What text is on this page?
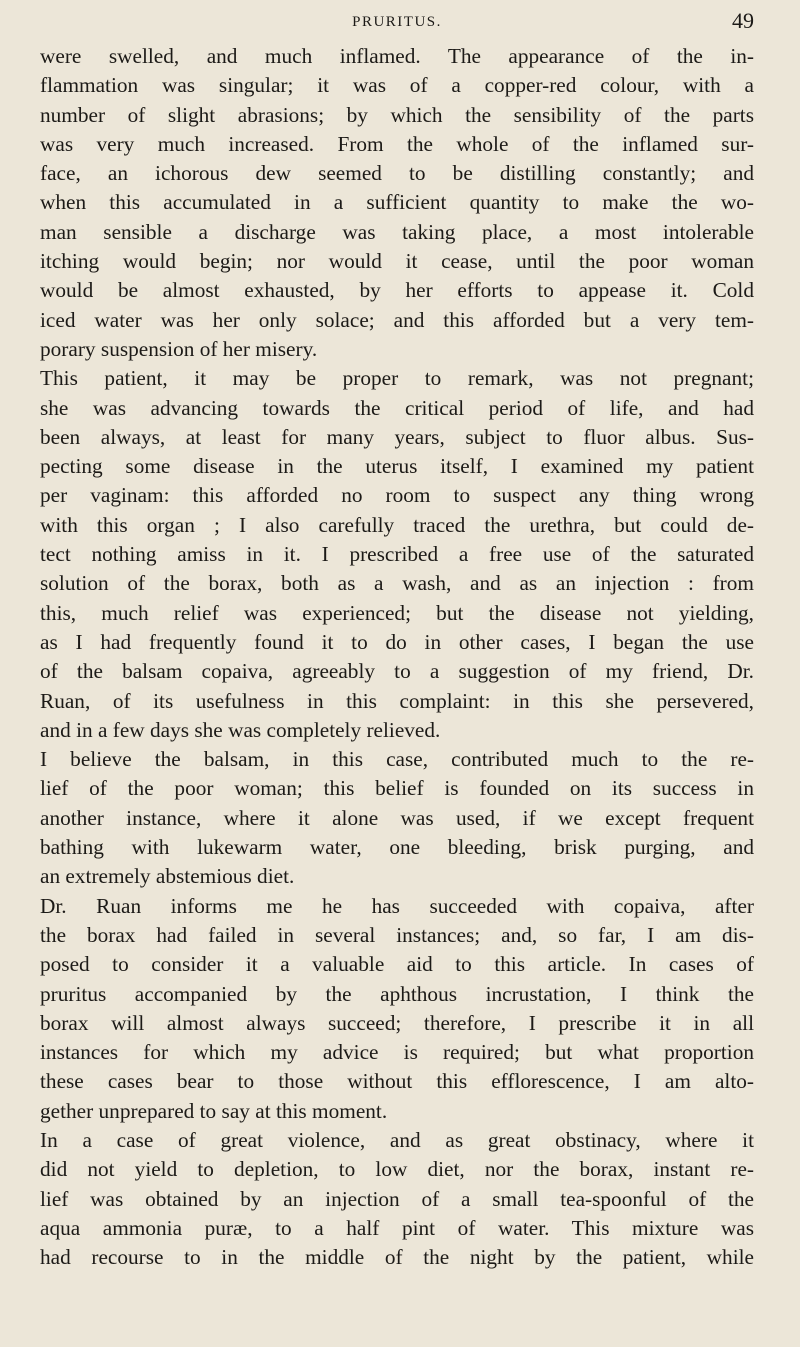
PRURITUS.	49
were swelled, and much inflamed. The appearance of the in-
flammation was singular; it was of a copper-red colour, with a
number of slight abrasions; by which the sensibility of the parts
was very much increased. From the whole of the inflamed sur-
face, an ichorous dew seemed to be distilling constantly; and
when this accumulated in a sufficient quantity to make the wo-
man sensible a discharge was taking place, a most intolerable
itching would begin; nor would it cease, until the poor woman
would be almost exhausted, by her efforts to appease it. Cold
iced water was her only solace; and this afforded but a very tem-
porary suspension of her misery.
This patient, it may be proper to remark, was not pregnant;
she was advancing towards the critical period of life, and had
been always, at least for many years, subject to fluor albus. Sus-
pecting some disease in the uterus itself, I examined my patient
per vaginam: this afforded no room to suspect any thing wrong
with this organ ; I also carefully traced the urethra, but could de-
tect nothing amiss in it. I prescribed a free use of the saturated
solution of the borax, both as a wash, and as an injection : from
this, much relief was experienced; but the disease not yielding,
as I had frequently found it to do in other cases, I began the use
of the balsam copaiva, agreeably to a suggestion of my friend, Dr.
Ruan, of its usefulness in this complaint: in this she persevered,
and in a few days she was completely relieved.
I believe the balsam, in this case, contributed much to the re-
lief of the poor woman; this belief is founded on its success in
another instance, where it alone was used, if we except frequent
bathing with lukewarm water, one bleeding, brisk purging, and
an extremely abstemious diet.
Dr. Ruan informs me he has succeeded with copaiva, after
the borax had failed in several instances; and, so far, I am dis-
posed to consider it a valuable aid to this article. In cases of
pruritus accompanied by the aphthous incrustation, I think the
borax will almost always succeed; therefore, I prescribe it in all
instances for which my advice is required; but what proportion
these cases bear to those without this efflorescence, I am alto-
gether unprepared to say at this moment.
In a case of great violence, and as great obstinacy, where it
did not yield to depletion, to low diet, nor the borax, instant re-
lief was obtained by an injection of a small tea-spoonful of the
aqua ammonia puræ, to a half pint of water. This mixture was
had recourse to in the middle of the night by the patient, while
